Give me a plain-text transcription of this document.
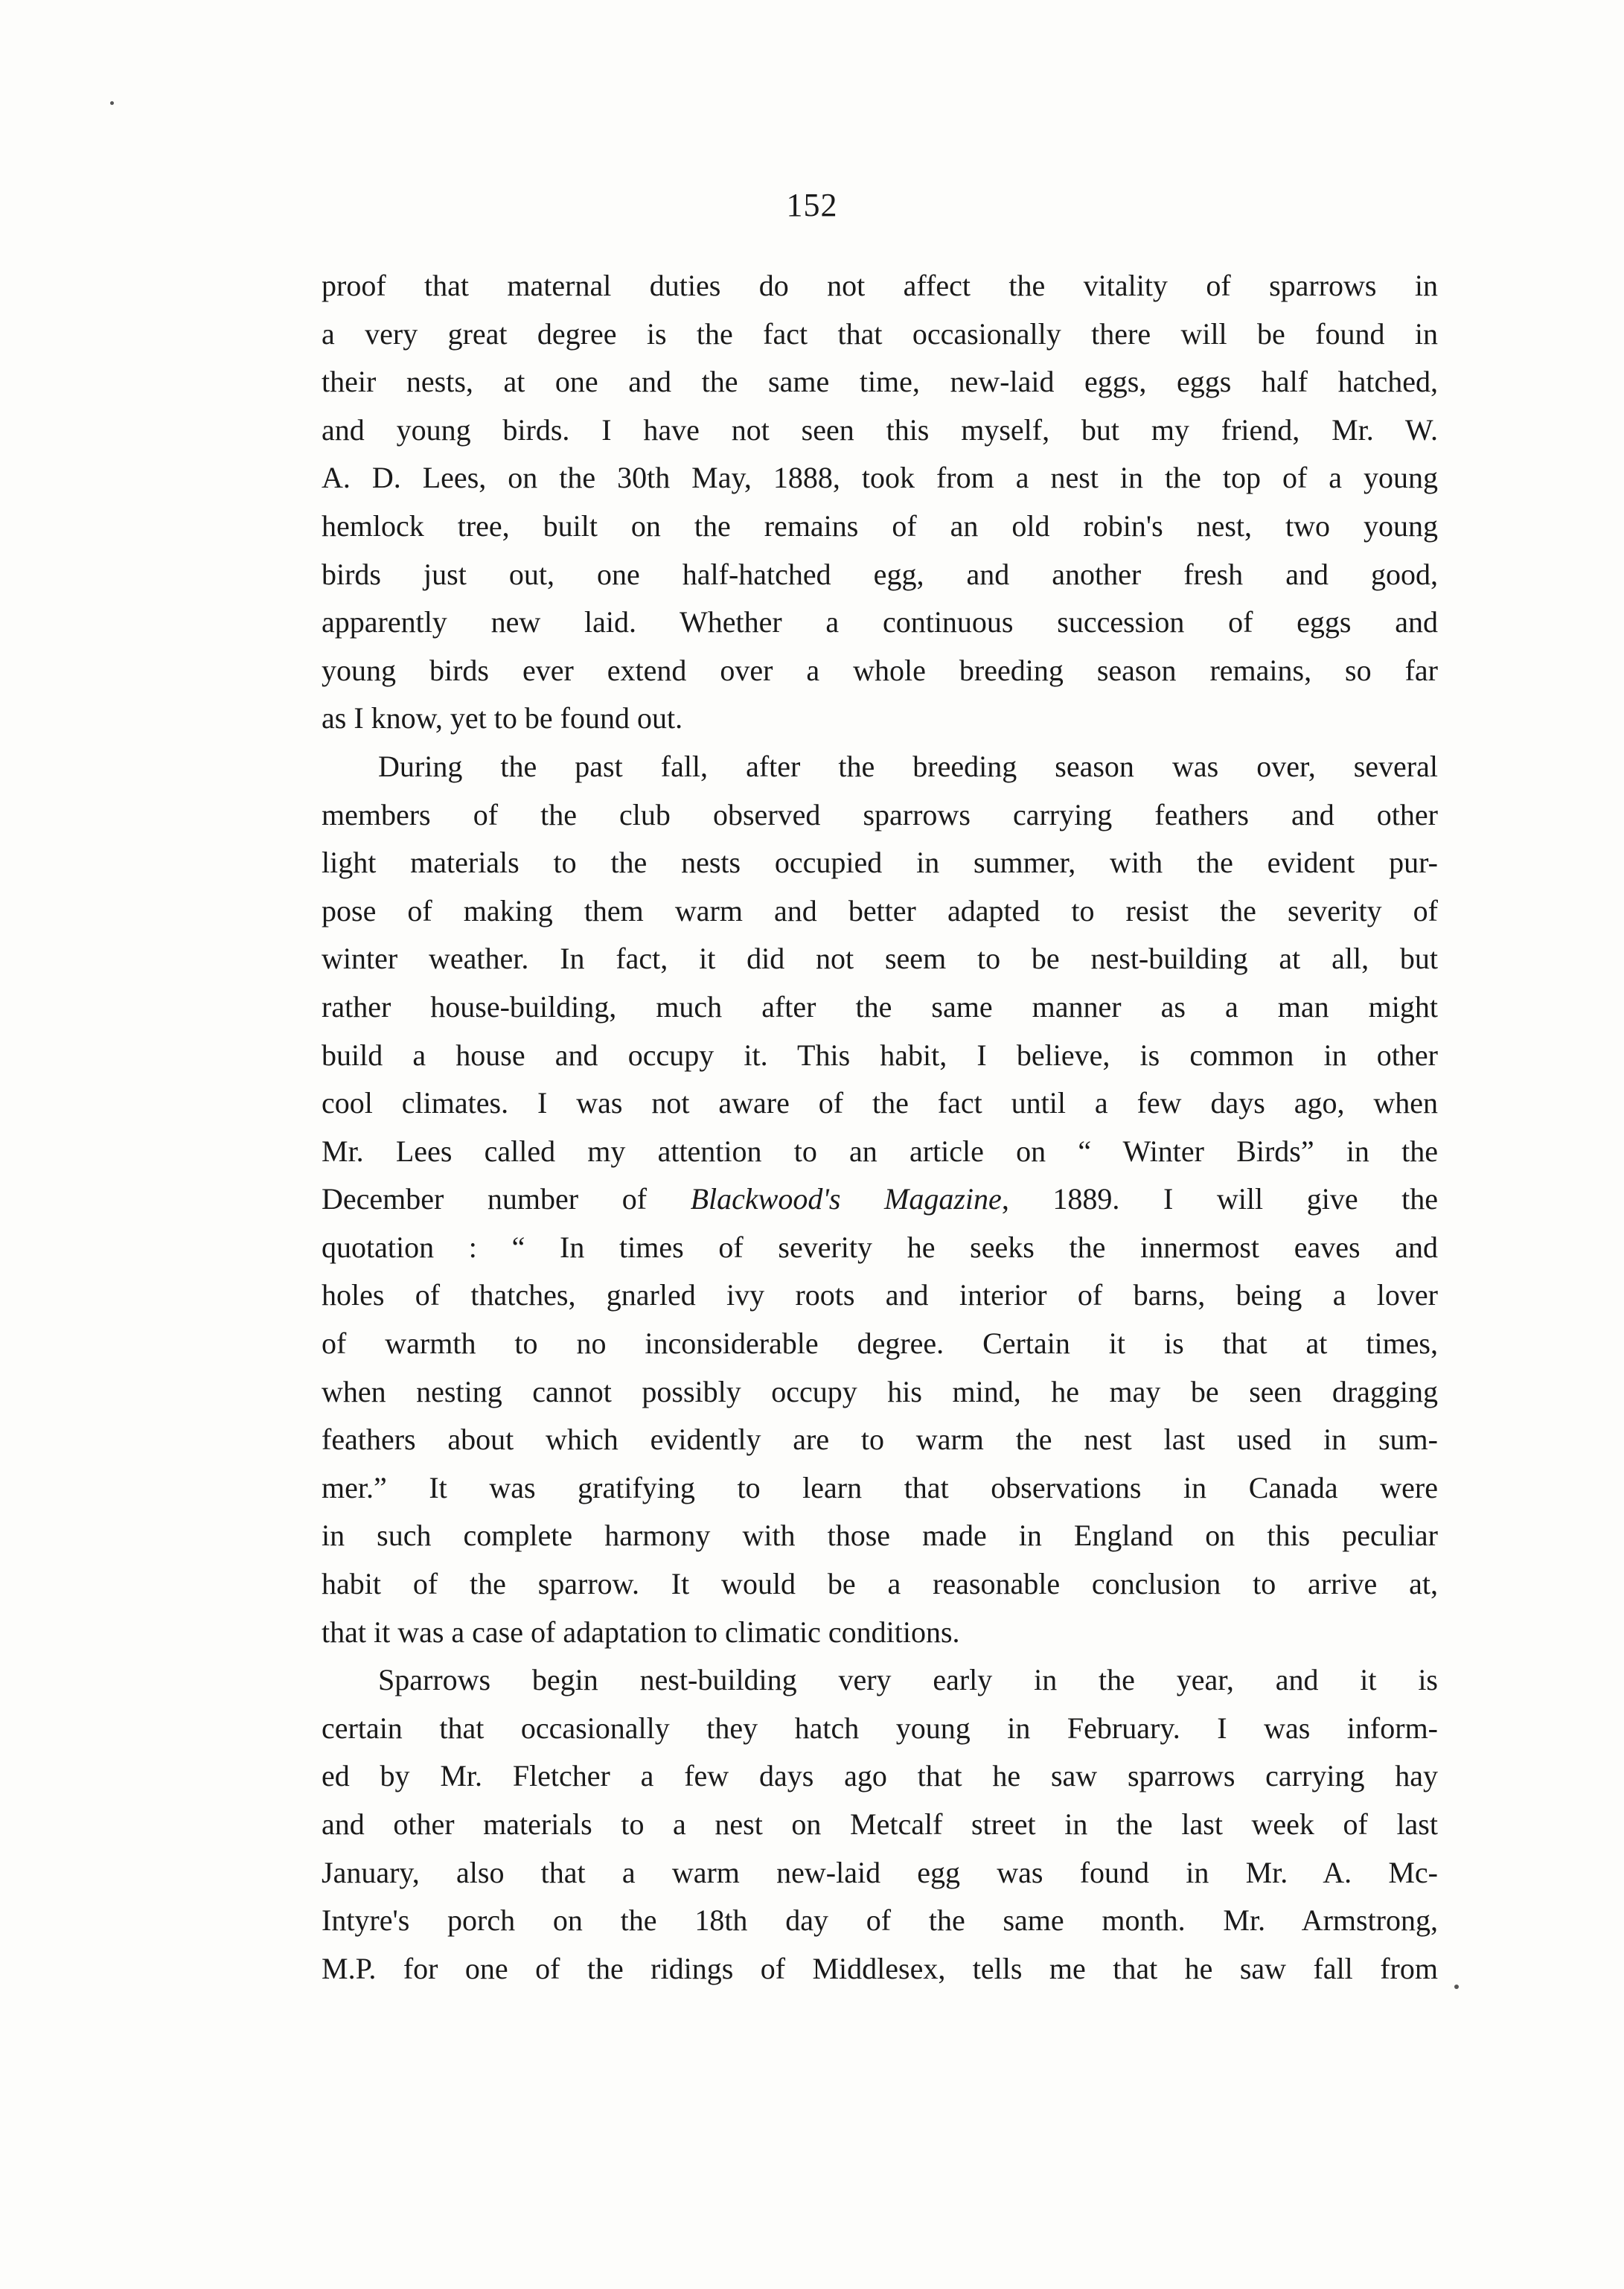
152
proof that maternal duties do not affect the vitality of sparrows in
a very great degree is the fact that occasionally there will be found in
their nests, at one and the same time, new-laid eggs, eggs half hatched,
and young birds. I have not seen this myself, but my friend, Mr. W.
A. D. Lees, on the 30th May, 1888, took from a nest in the top of a young
hemlock tree, built on the remains of an old robin's nest, two young
birds just out, one half-hatched egg, and another fresh and good,
apparently new laid. Whether a continuous succession of eggs and
young birds ever extend over a whole breeding season remains, so far
as I know, yet to be found out.
During the past fall, after the breeding season was over, several
members of the club observed sparrows carrying feathers and other
light materials to the nests occupied in summer, with the evident pur-
pose of making them warm and better adapted to resist the severity of
winter weather. In fact, it did not seem to be nest-building at all, but
rather house-building, much after the same manner as a man might
build a house and occupy it. This habit, I believe, is common in other
cool climates. I was not aware of the fact until a few days ago, when
Mr. Lees called my attention to an article on “ Winter Birds” in the
December number of Blackwood's Magazine, 1889. I will give the
quotation : “ In times of severity he seeks the innermost eaves and
holes of thatches, gnarled ivy roots and interior of barns, being a lover
of warmth to no inconsiderable degree. Certain it is that at times,
when nesting cannot possibly occupy his mind, he may be seen dragging
feathers about which evidently are to warm the nest last used in sum-
mer.” It was gratifying to learn that observations in Canada were
in such complete harmony with those made in England on this peculiar
habit of the sparrow. It would be a reasonable conclusion to arrive at,
that it was a case of adaptation to climatic conditions.
Sparrows begin nest-building very early in the year, and it is
certain that occasionally they hatch young in February. I was inform-
ed by Mr. Fletcher a few days ago that he saw sparrows carrying hay
and other materials to a nest on Metcalf street in the last week of last
January, also that a warm new-laid egg was found in Mr. A. Mc-
Intyre's porch on the 18th day of the same month. Mr. Armstrong,
M.P. for one of the ridings of Middlesex, tells me that he saw fall from
